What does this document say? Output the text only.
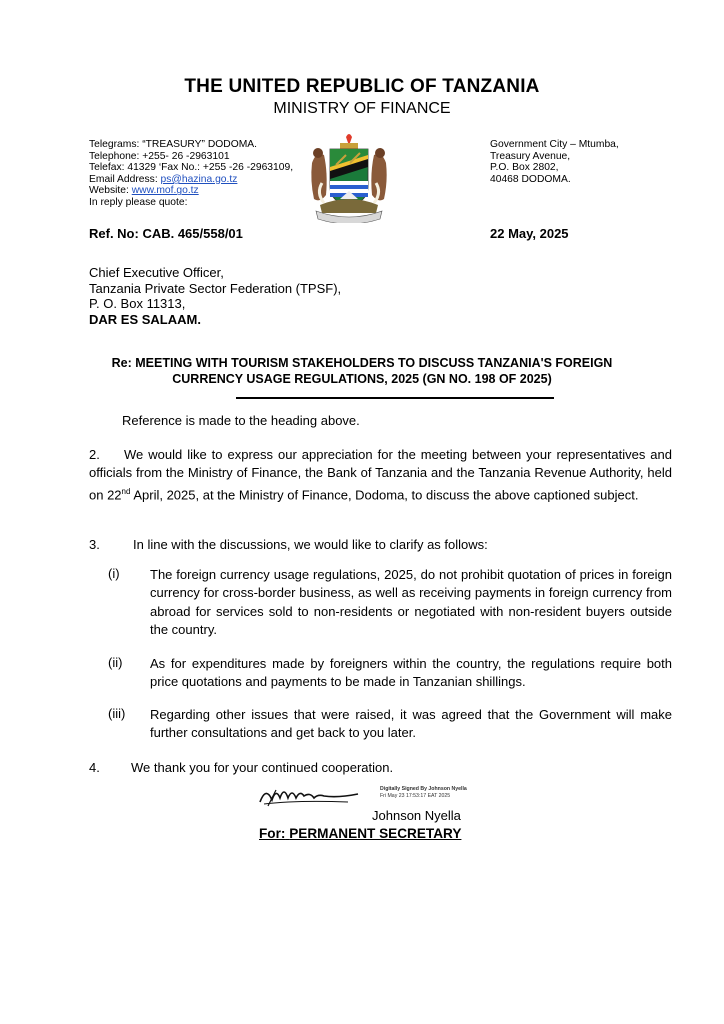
THE UNITED REPUBLIC OF TANZANIA
MINISTRY OF FINANCE
Telegrams: “TREASURY” DODOMA.
Telephone: +255- 26 -2963101
Telefax: 41329 ‘Fax No.: +255 -26 -2963109,
Email Address: ps@hazina.go.tz
Website: www.mof.go.tz
In reply please quote:
Government City – Mtumba,
Treasury Avenue,
P.O. Box 2802,
40468 DODOMA.
Ref. No: CAB. 465/558/01	22 May, 2025
Chief Executive Officer,
Tanzania Private Sector Federation (TPSF),
P. O. Box 11313,
DAR ES SALAAM.
Re: MEETING WITH TOURISM STAKEHOLDERS TO DISCUSS TANZANIA'S FOREIGN
CURRENCY USAGE REGULATIONS, 2025 (GN NO. 198 OF 2025)
Reference is made to the heading above.
2. We would like to express our appreciation for the meeting between your representatives and officials from the Ministry of Finance, the Bank of Tanzania and the Tanzania Revenue Authority, held on 22nd April, 2025, at the Ministry of Finance, Dodoma, to discuss the above captioned subject.
3.	In line with the discussions, we would like to clarify as follows:
(i) The foreign currency usage regulations, 2025, do not prohibit quotation of prices in foreign currency for cross-border business, as well as receiving payments in foreign currency from abroad for services sold to non-residents or negotiated with non-resident buyers outside the country.
(ii) As for expenditures made by foreigners within the country, the regulations require both price quotations and payments to be made in Tanzanian shillings.
(iii) Regarding other issues that were raised, it was agreed that the Government will make further consultations and get back to you later.
4. We thank you for your continued cooperation.
Digitally Signed By Johnson Nyella
Fri May 23 17:53:17 EAT 2025
Johnson Nyella
For: PERMANENT SECRETARY
